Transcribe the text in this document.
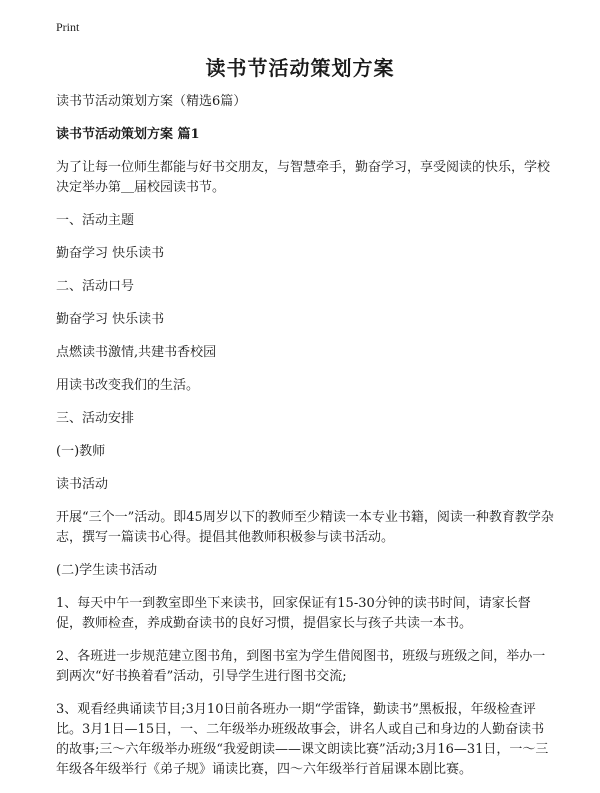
Print
读书节活动策划方案

读书节活动策划方案（精选6篇）

读书节活动策划方案 篇1

为了让每一位师生都能与好书交朋友，与智慧牵手，勤奋学习，享受阅读的快乐，学校决定举办第＿届校园读书节。

一、活动主题

勤奋学习 快乐读书

二、活动口号

勤奋学习 快乐读书

点燃读书激情,共建书香校园

用读书改变我们的生活。

三、活动安排

(一)教师

读书活动

开展“三个一”活动。即45周岁以下的教师至少精读一本专业书籍，阅读一种教育教学杂志，撰写一篇读书心得。提倡其他教师积极参与读书活动。

(二)学生读书活动

1、每天中午一到教室即坐下来读书，回家保证有15-30分钟的读书时间，请家长督促，教师检查，养成勤奋读书的良好习惯，提倡家长与孩子共读一本书。

2、各班进一步规范建立图书角，到图书室为学生借阅图书，班级与班级之间，举办一到两次“好书换着看”活动，引导学生进行图书交流;

3、观看经典诵读节目;3月10日前各班办一期“学雷锋，勤读书”黑板报，年级检查评比。3月1日—15日，一、二年级举办班级故事会，讲名人或自己和身边的人勤奋读书的故事;三～六年级举办班级“我爱朗读——课文朗读比赛”活动;3月16—31日，一～三年级各年级举行《弟子规》诵读比赛，四～六年级举行首届课本剧比赛。
